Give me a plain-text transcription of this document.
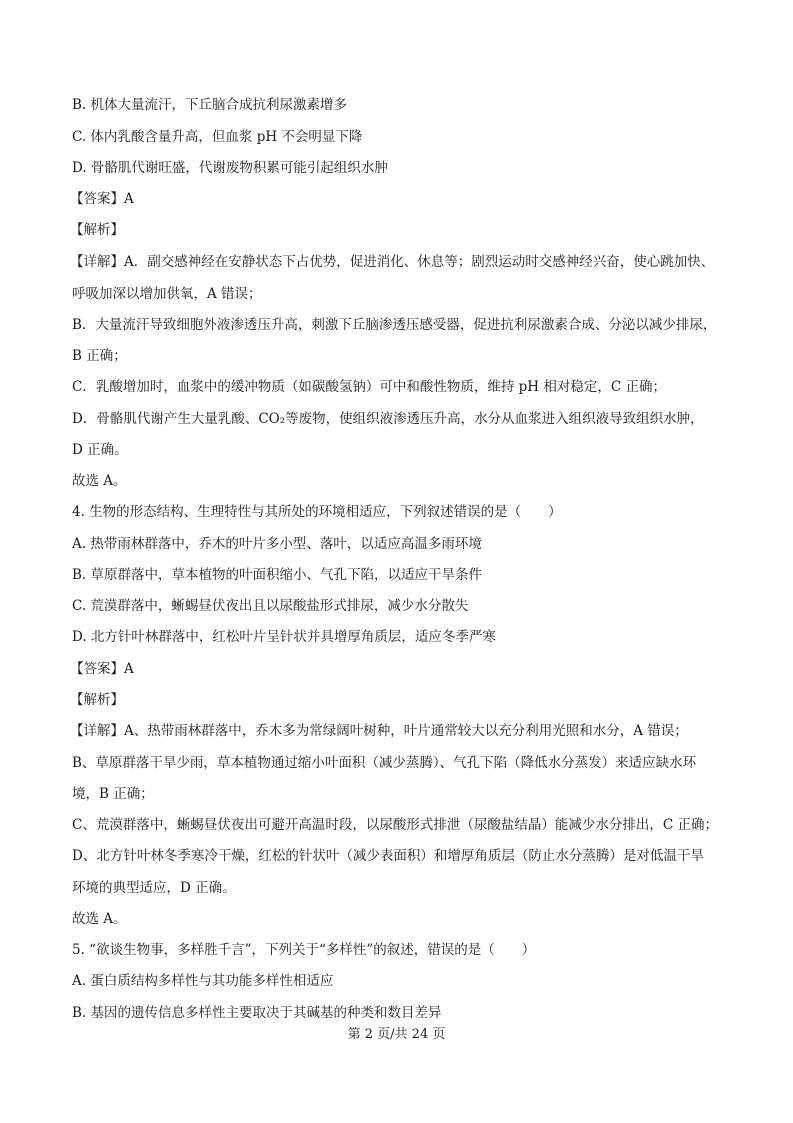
B. 机体大量流汗，下丘脑合成抗利尿激素增多
C. 体内乳酸含量升高，但血浆 pH 不会明显下降
D. 骨骼肌代谢旺盛，代谢废物积累可能引起组织水肿
【答案】A
【解析】
【详解】A．副交感神经在安静状态下占优势，促进消化、休息等；剧烈运动时交感神经兴奋，使心跳加快、
呼吸加深以增加供氧，A 错误；
B．大量流汗导致细胞外液渗透压升高，刺激下丘脑渗透压感受器，促进抗利尿激素合成、分泌以减少排尿，
B 正确；
C．乳酸增加时，血浆中的缓冲物质（如碳酸氢钠）可中和酸性物质，维持 pH 相对稳定，C 正确；
D．骨骼肌代谢产生大量乳酸、CO₂等废物，使组织液渗透压升高，水分从血浆进入组织液导致组织水肿，
D 正确。
故选 A。
4. 生物的形态结构、生理特性与其所处的环境相适应，下列叙述错误的是（　　）
A. 热带雨林群落中，乔木的叶片多小型、落叶，以适应高温多雨环境
B. 草原群落中，草本植物的叶面积缩小、气孔下陷，以适应干旱条件
C. 荒漠群落中，蜥蜴昼伏夜出且以尿酸盐形式排尿，减少水分散失
D. 北方针叶林群落中，红松叶片呈针状并具增厚角质层，适应冬季严寒
【答案】A
【解析】
【详解】A、热带雨林群落中，乔木多为常绿阔叶树种，叶片通常较大以充分利用光照和水分，A 错误；
B、草原群落干旱少雨，草本植物通过缩小叶面积（减少蒸腾）、气孔下陷（降低水分蒸发）来适应缺水环
境，B 正确；
C、荒漠群落中，蜥蜴昼伏夜出可避开高温时段，以尿酸形式排泄（尿酸盐结晶）能减少水分排出，C 正确；
D、北方针叶林冬季寒冷干燥，红松的针状叶（减少表面积）和增厚角质层（防止水分蒸腾）是对低温干旱
环境的典型适应，D 正确。
故选 A。
5. “欲谈生物事，多样胜千言”，下列关于“多样性”的叙述，错误的是（　　）
A. 蛋白质结构多样性与其功能多样性相适应
B. 基因的遗传信息多样性主要取决于其碱基的种类和数目差异
第 2 页/共 24 页
